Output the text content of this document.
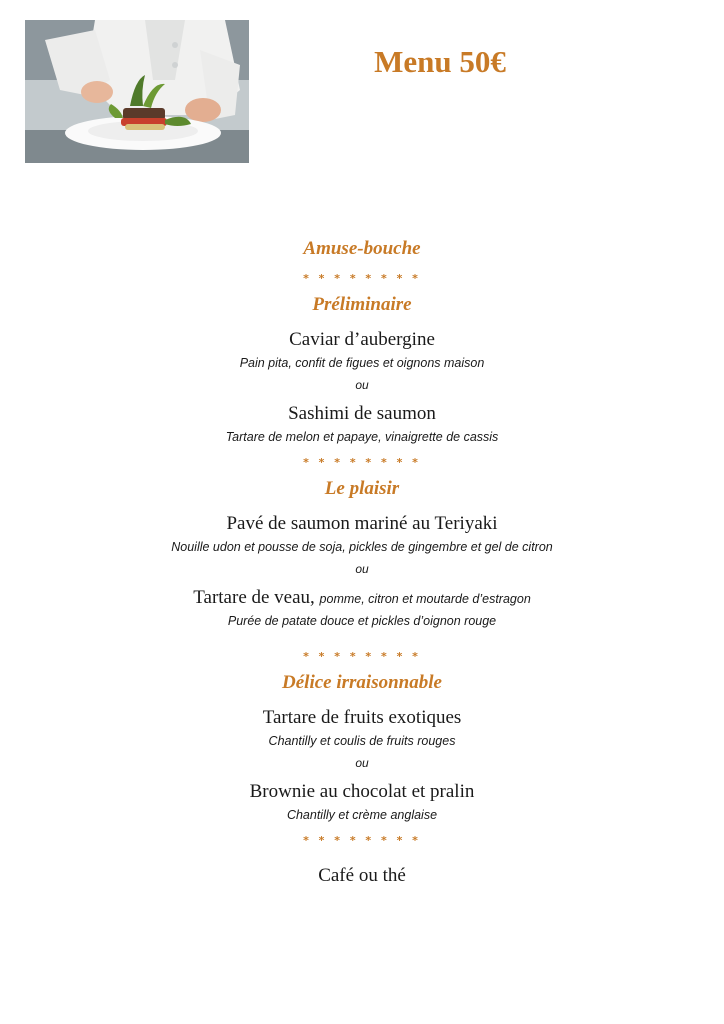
Menu 50€
Amuse-bouche
* * * * * * * *
Préliminaire
Caviar d’aubergine
Pain pita, confit de figues et oignons maison
ou
Sashimi de saumon
Tartare de melon et papaye, vinaigrette de cassis
* * * * * * * *
Le plaisir
Pavé de saumon mariné au Teriyaki
Nouille udon et pousse de soja, pickles de gingembre et gel de citron
ou
Tartare de veau, pomme, citron et moutarde d’estragon
Purée de patate douce et pickles d’oignon rouge
* * * * * * * *
Délice irraisonnable
Tartare de fruits exotiques
Chantilly et coulis de fruits rouges
ou
Brownie au chocolat et pralin
Chantilly et crème anglaise
* * * * * * * *
Café ou thé
